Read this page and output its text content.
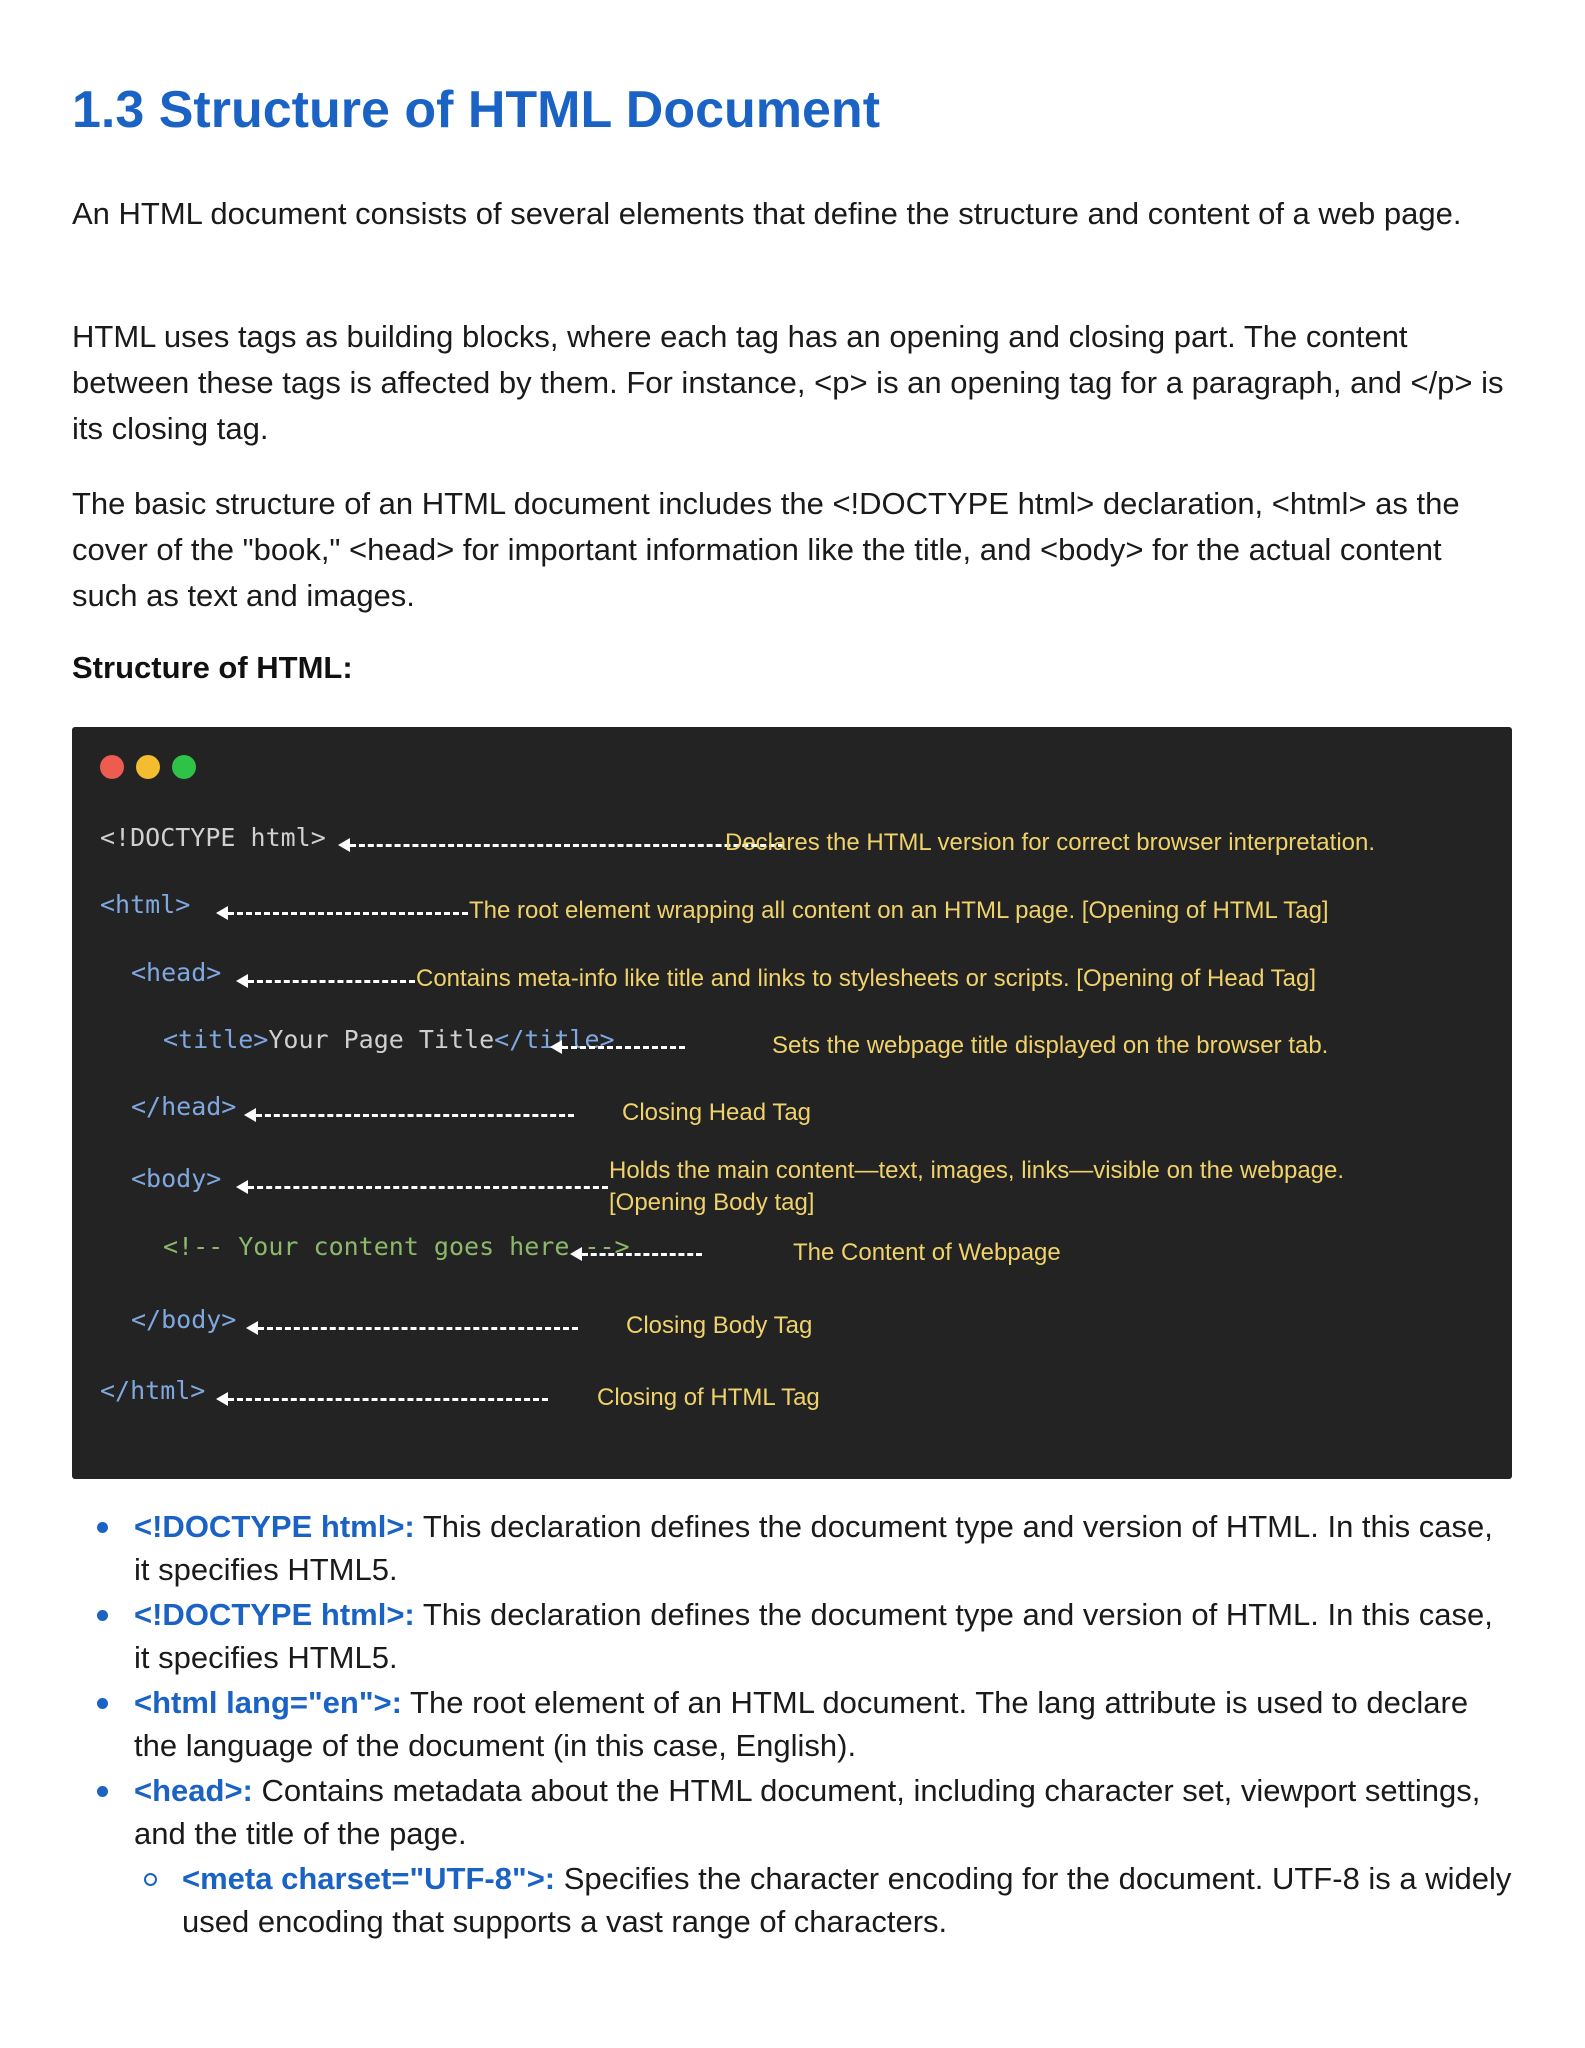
1.3 Structure of HTML Document

An HTML document consists of several elements that define the structure and content of a web page.

HTML uses tags as building blocks, where each tag has an opening and closing part. The content between these tags is affected by them. For instance, <p> is an opening tag for a paragraph, and </p> is its closing tag.

The basic structure of an HTML document includes the <!DOCTYPE html> declaration, <html> as the cover of the "book," <head> for important information like the title, and <body> for the actual content such as text and images.

Structure of HTML:
<!DOCTYPE html>	Declares the HTML version for correct browser interpretation.
<html>	The root element wrapping all content on an HTML page. [Opening of HTML Tag]
<head>	Contains meta-info like title and links to stylesheets or scripts. [Opening of Head Tag]
<title>Your Page Title</title>	Sets the webpage title displayed on the browser tab.
</head>	Closing Head Tag
<body>	Holds the main content—text, images, links—visible on the webpage. [Opening Body tag]
<!-- Your content goes here -->	The Content of Webpage
</body>	Closing Body Tag
</html>	Closing of HTML Tag
<!DOCTYPE html>: This declaration defines the document type and version of HTML. In this case, it specifies HTML5.
<!DOCTYPE html>: This declaration defines the document type and version of HTML. In this case, it specifies HTML5.
<html lang="en">: The root element of an HTML document. The lang attribute is used to declare the language of the document (in this case, English).
<head>: Contains metadata about the HTML document, including character set, viewport settings, and the title of the page.
<meta charset="UTF-8">: Specifies the character encoding for the document. UTF-8 is a widely used encoding that supports a vast range of characters.
